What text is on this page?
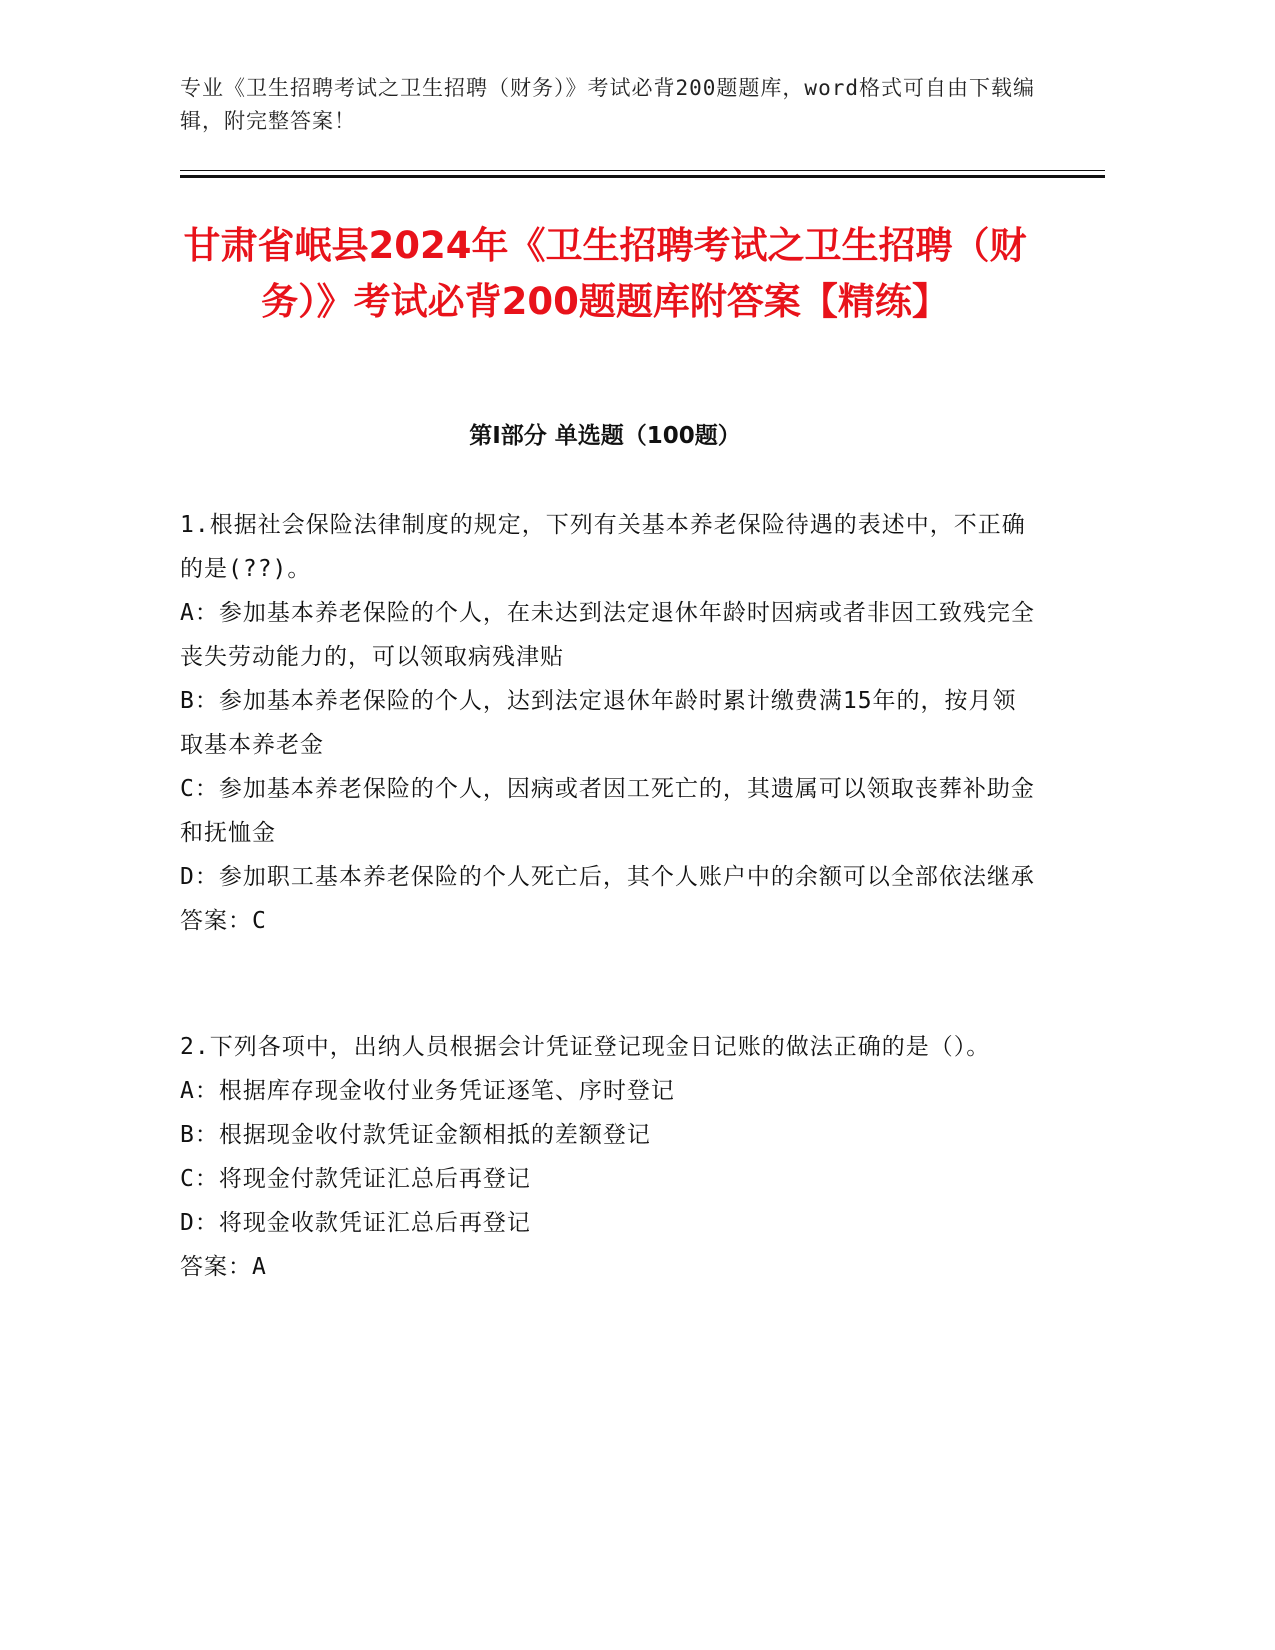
专业《卫生招聘考试之卫生招聘（财务）》考试必背200题题库，word格式可自由下载编辑，附完整答案！
甘肃省岷县2024年《卫生招聘考试之卫生招聘（财务）》考试必背200题题库附答案【精练】
第I部分 单选题（100题）
1.根据社会保险法律制度的规定，下列有关基本养老保险待遇的表述中，不正确的是(??)。
A：参加基本养老保险的个人，在未达到法定退休年龄时因病或者非因工致残完全丧失劳动能力的，可以领取病残津贴
B：参加基本养老保险的个人，达到法定退休年龄时累计缴费满15年的，按月领取基本养老金
C：参加基本养老保险的个人，因病或者因工死亡的，其遗属可以领取丧葬补助金和抚恤金
D：参加职工基本养老保险的个人死亡后，其个人账户中的余额可以全部依法继承
答案：C
2.下列各项中，出纳人员根据会计凭证登记现金日记账的做法正确的是（）。
A：根据库存现金收付业务凭证逐笔、序时登记
B：根据现金收付款凭证金额相抵的差额登记
C：将现金付款凭证汇总后再登记
D：将现金收款凭证汇总后再登记
答案：A
